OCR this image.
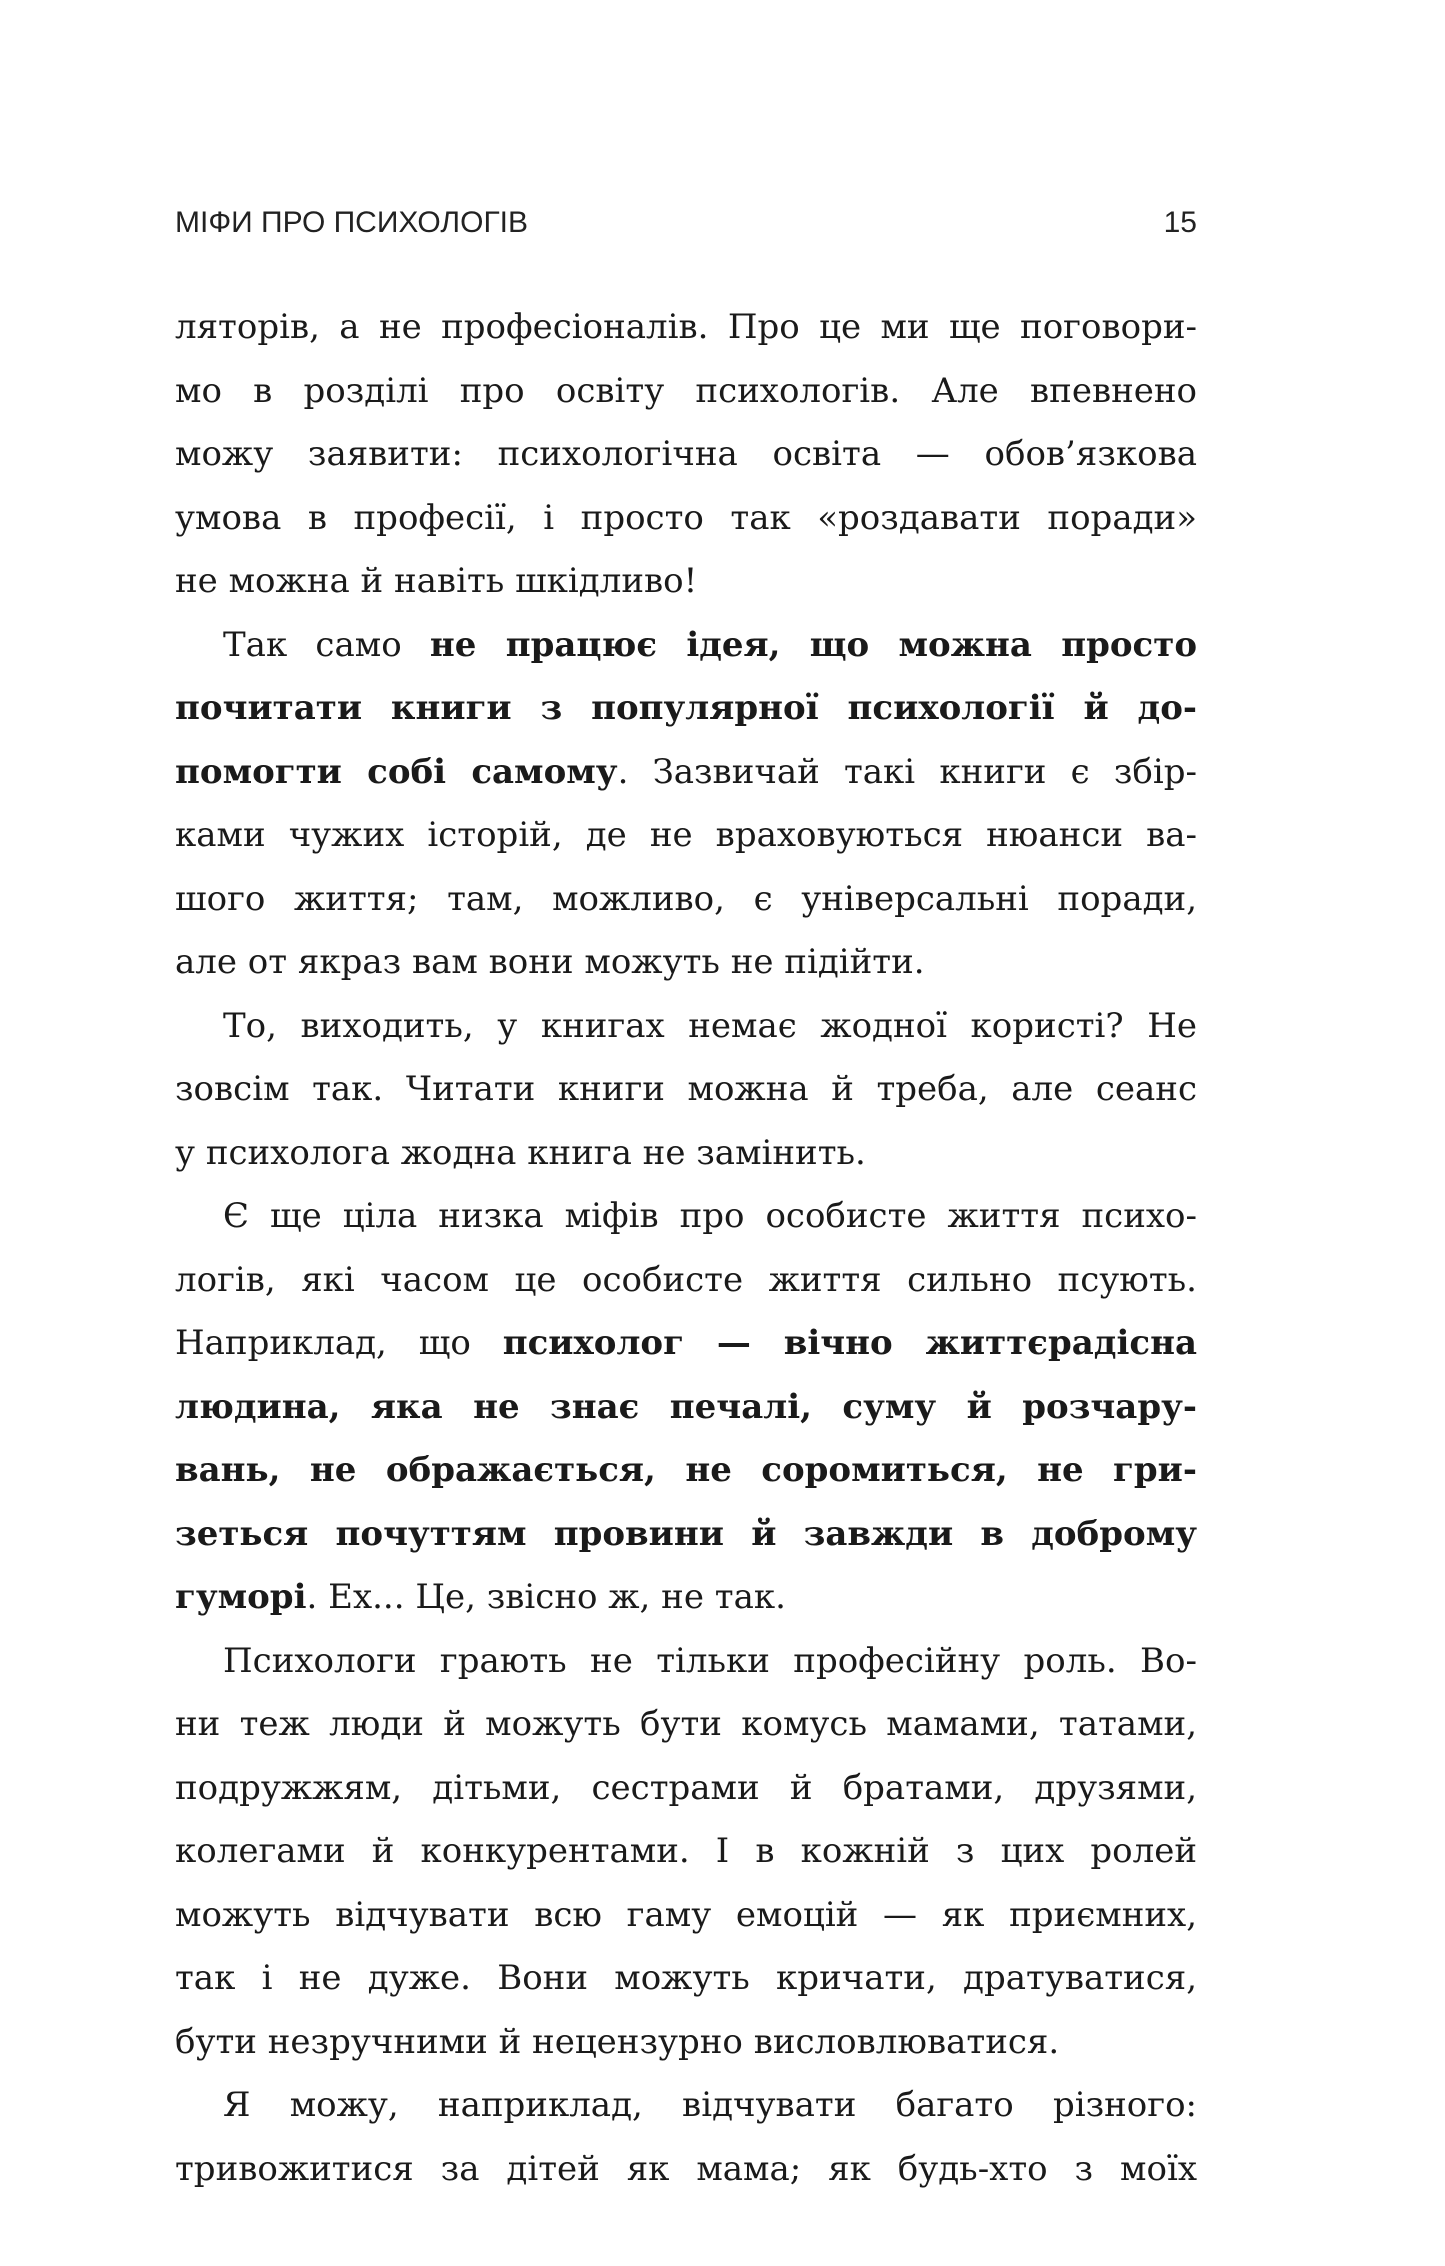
МІФИ ПРО ПСИХОЛОГІВ	15
ляторів, а не професіоналів. Про це ми ще поговори-
мо в розділі про освіту психологів. Але впевнено
можу заявити: психологічна освіта — обов’язкова
умова в професії, і просто так «роздавати поради»
не можна й навіть шкідливо!
Так само не працює ідея, що можна просто
почитати книги з популярної психології й до-
помогти собі самому. Зазвичай такі книги є збір-
ками чужих історій, де не враховуються нюанси ва-
шого життя; там, можливо, є універсальні поради,
але от якраз вам вони можуть не підійти.
То, виходить, у книгах немає жодної користі? Не
зовсім так. Читати книги можна й треба, але сеанс
у психолога жодна книга не замінить.
Є ще ціла низка міфів про особисте життя психо-
логів, які часом це особисте життя сильно псують.
Наприклад, що психолог — вічно життєрадісна
людина, яка не знає печалі, суму й розчару-
вань, не ображається, не соромиться, не гри-
зеться почуттям провини й завжди в доброму
гуморі. Ех... Це, звісно ж, не так.
Психологи грають не тільки професійну роль. Во-
ни теж люди й можуть бути комусь мамами, татами,
подружжям, дітьми, сестрами й братами, друзями,
колегами й конкурентами. І в кожній з цих ролей
можуть відчувати всю гаму емоцій — як приємних,
так і не дуже. Вони можуть кричати, дратуватися,
бути незручними й нецензурно висловлюватися.
Я можу, наприклад, відчувати багато різного:
тривожитися за дітей як мама; як будь-хто з моїх
